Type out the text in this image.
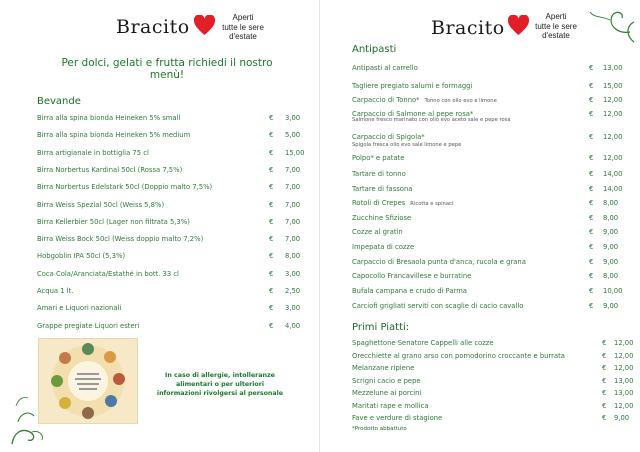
Bracito	Aperti
tutte le sere
d'estate
Per dolci, gelati e frutta richiedi il nostro menù!
Bevande
Birra alla spina bionda Heineken 5% small	€ 3,00
Birra alla spina bionda Heineken 5% medium	€ 5,00
Birra artigianale in bottiglia 75 cl	€ 15,00
Birra Norbertus Kardinal 50cl (Rossa 7,5%)	€ 7,00
Birra Norbertus Edelstark 50cl (Doppio malto 7,5%)	€ 7,00
Birra Weiss Spezial 50cl (Weiss 5,8%)	€ 7,00
Birra Kellerbier 50cl (Lager non filtrata 5,3%)	€ 7,00
Birra Weiss Bock 50cl (Weiss doppio malto 7,2%)	€ 7,00
Hobgoblin IPA 50cl (5,3%)	€ 8,00
Coca Cola/Aranciata/Estathé in bott. 33 cl	€ 3,00
Acqua 1 lt.	€ 2,50
Amari e Liquori nazionali	€ 3,00
Grappe pregiate Liquori esteri	€ 4,00
In caso di allergie, intolleranze alimentari o per ulteriori informazioni rivolgersi al personale
Bracito
Aperti
tutte le sere
d'estate
Antipasti
Antipasti al carrello	€ 13,00
Tagliere pregiato salumi e formaggi	€ 15,00
Carpaccio di Tonno* Tonno con olio evo e limone	€ 12,00
Carpaccio di Salmone al pepe rosa*	€ 12,00
Carpaccio di Spigola*	€ 12,00
Polpo* e patate	€ 12,00
Tartare di tonno	€ 14,00
Tartare di fassona	€ 14,00
Rotoli di Crepes Ricotta e spinaci	€ 8,00
Zucchine Sfiziose	€ 8,00
Cozze al gratin	€ 9,00
Impepata di cozze	€ 9,00
Carpaccio di Bresaola punta d'anca, rucola e grana	€ 9,00
Capocollo Francavillese e burratine	€ 8,00
Bufala campana e crudo di Parma	€ 10,00
Carciofi grigliati serviti con scaglie di cacio cavallo	€ 9,00
Salmone fresco marinato con olio evo aceto sale e pepe rosa
Spigola fresca olio evo sale limone e pepe
Primi Piatti:
Spaghettone Senatore Cappelli alle cozze	€ 12,00
Orecchiette al grano arso con pomodorino croccante e burrata	€ 12,00
Melanzane ripiene	€ 12,00
Scrigni cacio e pepe	€ 13,00
Mezzelune ai porcini	€ 13,00
Maritati rape e mollica	€ 12,00
Fave e verdure di stagione	€ 9,00
*Prodotto abbattuto
